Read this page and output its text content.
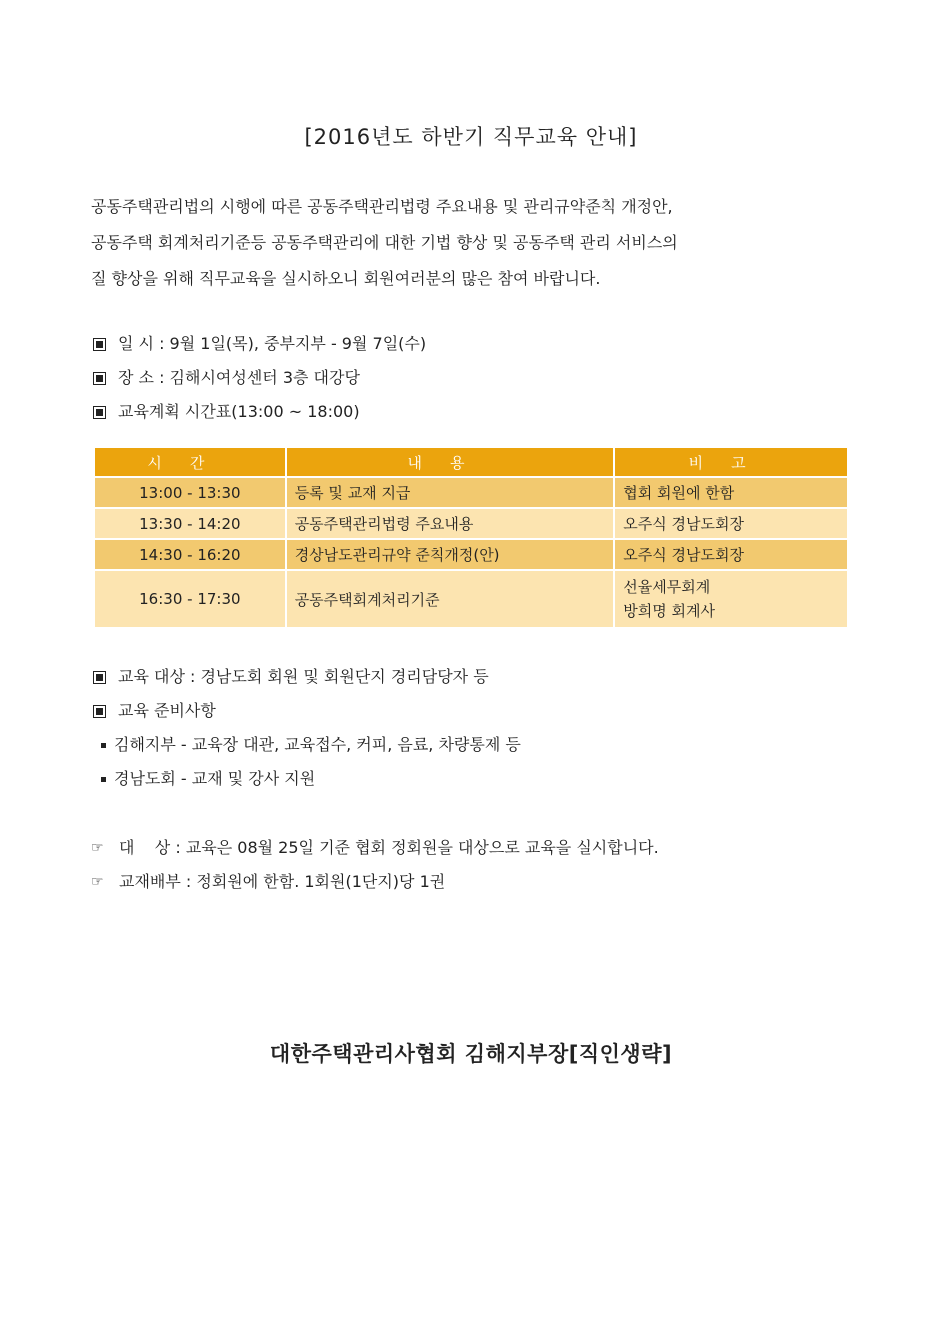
[2016년도 하반기 직무교육 안내]
공동주택관리법의 시행에 따른 공동주택관리법령 주요내용 및 관리규약준칙 개정안,
공동주택 회계처리기준등 공동주택관리에 대한 기법 향상 및 공동주택 관리 서비스의
질 향상을 위해 직무교육을 실시하오니 회원여러분의 많은 참여 바랍니다.
일 시 : 9월 1일(목), 중부지부 - 9월 7일(수)
장 소 : 김해시여성센터 3층 대강당
교육계획 시간표(13:00 ~ 18:00)
시간	내용	비고
13:00 - 13:30	등록 및 교재 지급	협회 회원에 한함
13:30 - 14:20	공동주택관리법령 주요내용	오주식 경남도회장
14:30 - 16:20	경상남도관리규약 준칙개정(안)	오주식 경남도회장
16:30 - 17:30	공동주택회계처리기준	선율세무회계
방희명 회계사
교육 대상 : 경남도회 회원 및 회원단지 경리담당자 등
교육 준비사항
김해지부 - 교육장 대관, 교육접수, 커피, 음료, 차량통제 등
경남도회 - 교재 및 강사 지원
☞ 대    상 : 교육은 08월 25일 기준 협회 정회원을 대상으로 교육을 실시합니다.
☞ 교재배부 : 정회원에 한함. 1회원(1단지)당 1권
대한주택관리사협회 김해지부장[직인생략]
